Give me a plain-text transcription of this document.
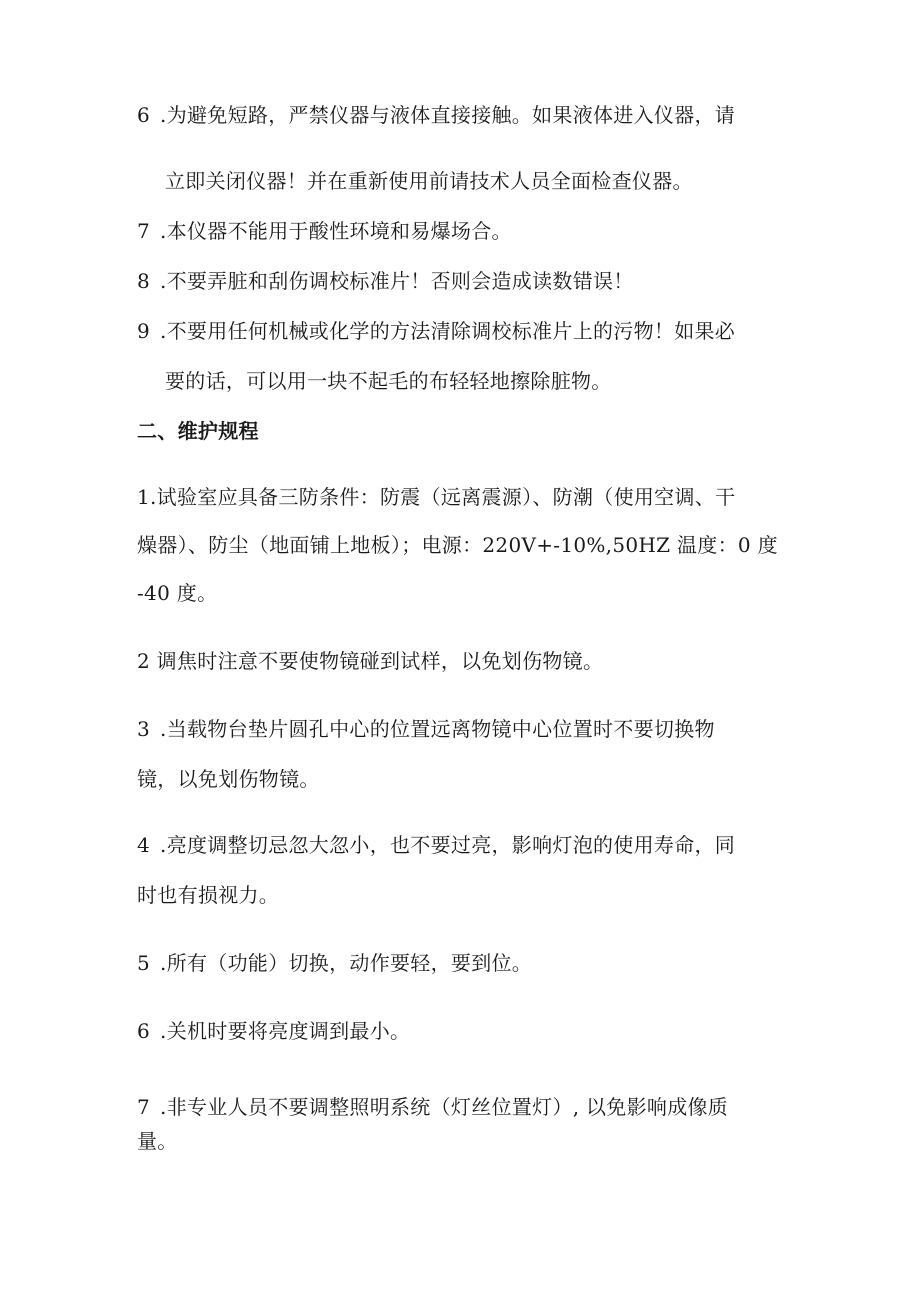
6 .为避免短路，严禁仪器与液体直接接触。如果液体进入仪器，请
立即关闭仪器！并在重新使用前请技术人员全面检查仪器。
7 .本仪器不能用于酸性环境和易爆场合。
8 .不要弄脏和刮伤调校标准片！否则会造成读数错误！
9 .不要用任何机械或化学的方法清除调校标准片上的污物！如果必
要的话，可以用一块不起毛的布轻轻地擦除脏物。
二、维护规程
1.试验室应具备三防条件：防震（远离震源）、防潮（使用空调、干
燥器）、防尘（地面铺上地板）；电源：220V+-10%,50HZ 温度：0 度
-40 度。
2 调焦时注意不要使物镜碰到试样，以免划伤物镜。
3 .当载物台垫片圆孔中心的位置远离物镜中心位置时不要切换物
镜，以免划伤物镜。
4 .亮度调整切忌忽大忽小，也不要过亮，影响灯泡的使用寿命，同
时也有损视力。
5 .所有（功能）切换，动作要轻，要到位。
6 .关机时要将亮度调到最小。
7 .非专业人员不要调整照明系统（灯丝位置灯）, 以免影响成像质
量。
